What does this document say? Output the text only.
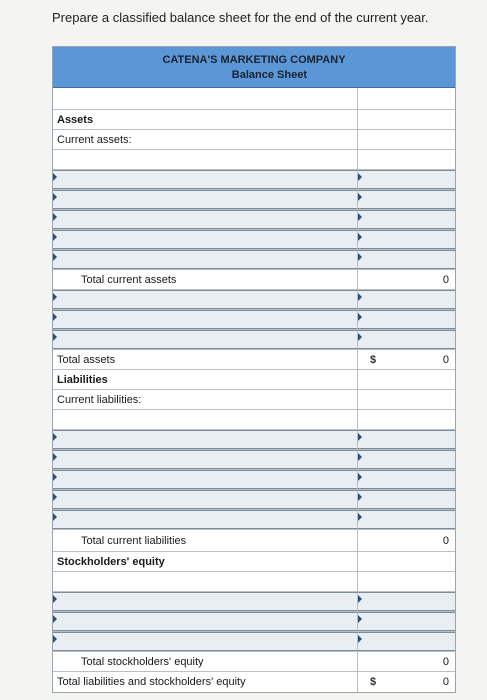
Prepare a classified balance sheet for the end of the current year.
CATENA'S MARKETING COMPANY
Balance Sheet
Assets
Current assets:
Total current assets	0
Total assets	$	0
Liabilities
Current liabilities:
Total current liabilities	0
Stockholders' equity
Total stockholders' equity	0
Total liabilities and stockholders' equity	$	0
